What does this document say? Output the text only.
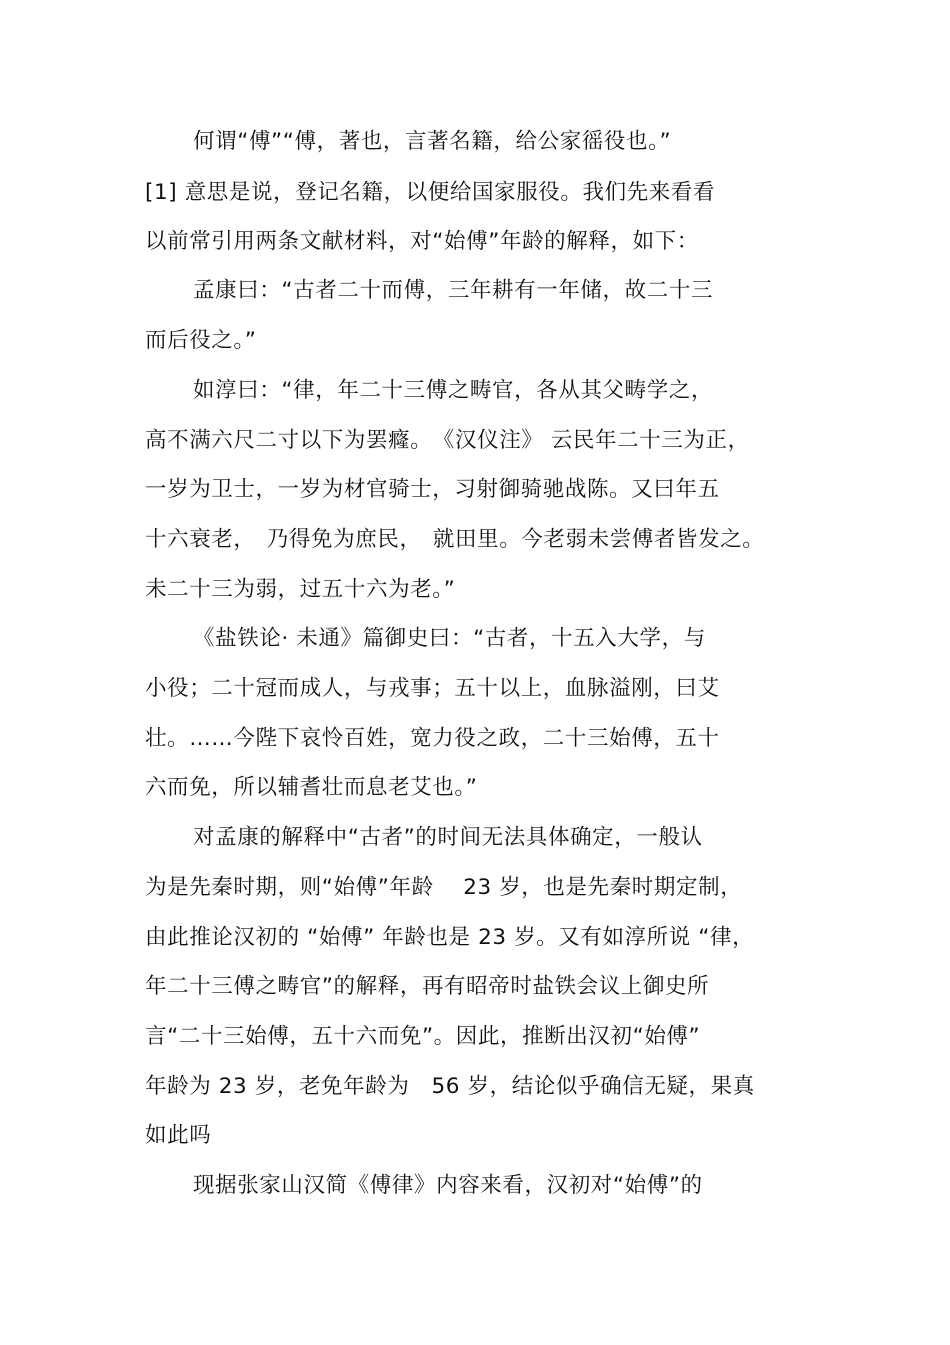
何谓“傅”“傅，著也，言著名籍，给公家徭役也。”
[1] 意思是说，登记名籍，以便给国家服役。我们先来看看
以前常引用两条文献材料，对“始傅”年龄的解释，如下：
孟康曰：“古者二十而傅，三年耕有一年储，故二十三
而后役之。”
如淳曰：“律，年二十三傅之畴官，各从其父畴学之，
高不满六尺二寸以下为罢癃。　《汉仪注》 云民年二十三为正，
一岁为卫士，一岁为材官骑士，习射御骑驰战陈。又曰年五
十六衰老，　乃得免为庶民，　就田里。今老弱未尝傅者皆发之。
未二十三为弱，过五十六为老。”
《盐铁论· 未通》篇御史曰：“古者，十五入大学，与
小役；二十冠而成人，与戎事；五十以上，血脉溢刚，曰艾
壮。……今陛下哀怜百姓，宽力役之政，二十三始傅，五十
六而免，所以辅耆壮而息老艾也。”
对孟康的解释中“古者”的时间无法具体确定，一般认
为是先秦时期，则“始傅”年龄　 23 岁，也是先秦时期定制，
由此推论汉初的 “始傅” 年龄也是 23 岁。又有如淳所说 “律，
年二十三傅之畴官”的解释，再有昭帝时盐铁会议上御史所
言“二十三始傅，五十六而免”。因此，推断出汉初“始傅”
年龄为 23 岁，老免年龄为　56 岁，结论似乎确信无疑，果真
如此吗
现据张家山汉简《傅律》内容来看，汉初对“始傅”的
